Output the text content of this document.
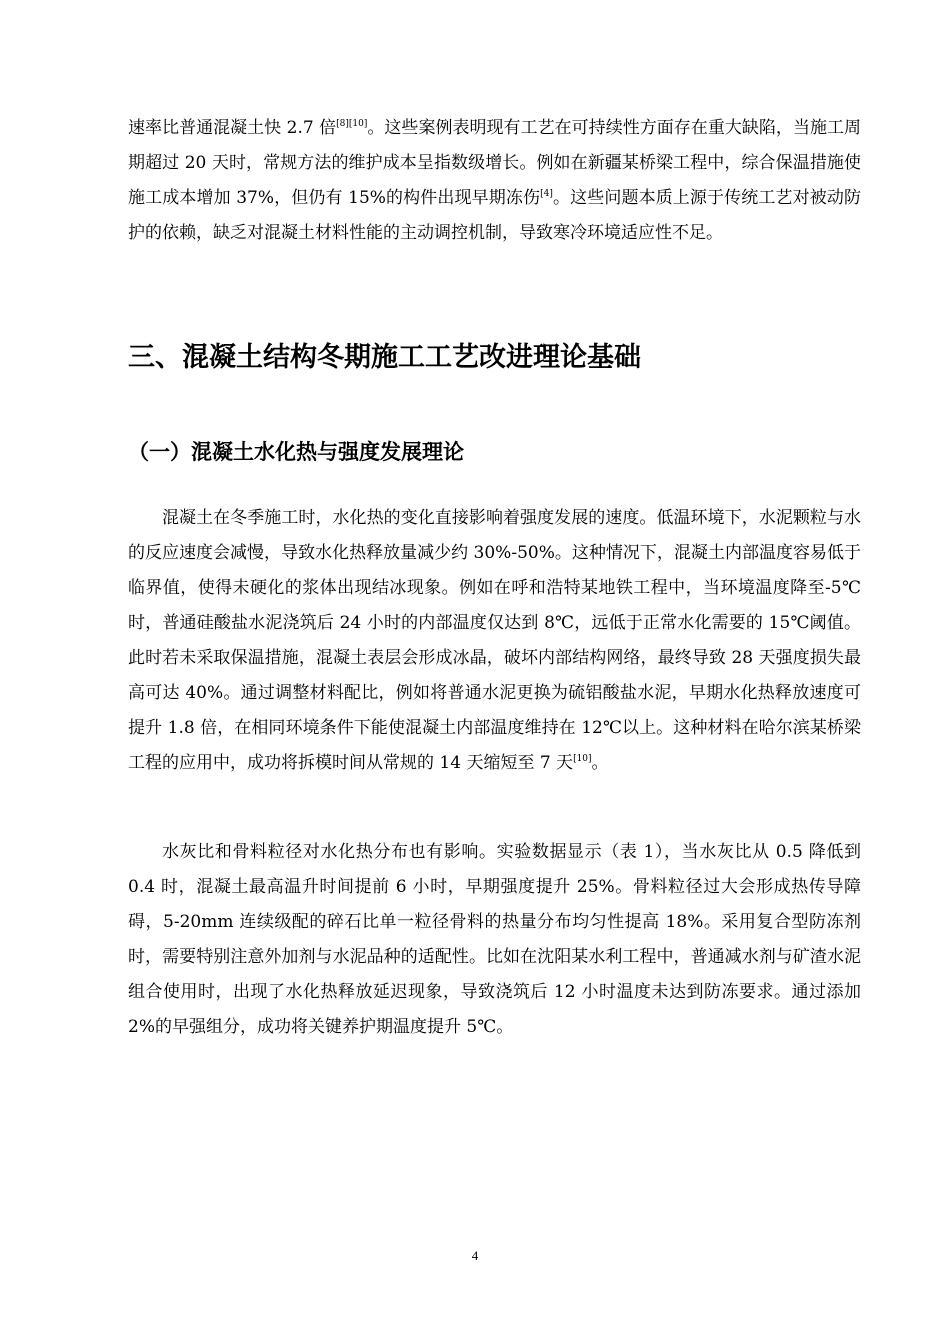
速率比普通混凝土快 2.7 倍[8][10]。这些案例表明现有工艺在可持续性方面存在重大缺陷，当施工周期超过 20 天时，常规方法的维护成本呈指数级增长。例如在新疆某桥梁工程中，综合保温措施使施工成本增加 37%，但仍有 15%的构件出现早期冻伤[4]。这些问题本质上源于传统工艺对被动防护的依赖，缺乏对混凝土材料性能的主动调控机制，导致寒冷环境适应性不足。

三、混凝土结构冬期施工工艺改进理论基础
（一）混凝土水化热与强度发展理论

混凝土在冬季施工时，水化热的变化直接影响着强度发展的速度。低温环境下，水泥颗粒与水的反应速度会减慢，导致水化热释放量减少约 30%-50%。这种情况下，混凝土内部温度容易低于临界值，使得未硬化的浆体出现结冰现象。例如在呼和浩特某地铁工程中，当环境温度降至-5℃时，普通硅酸盐水泥浇筑后 24 小时的内部温度仅达到 8℃，远低于正常水化需要的 15℃阈值。此时若未采取保温措施，混凝土表层会形成冰晶，破坏内部结构网络，最终导致 28 天强度损失最高可达 40%。通过调整材料配比，例如将普通水泥更换为硫铝酸盐水泥，早期水化热释放速度可提升 1.8 倍，在相同环境条件下能使混凝土内部温度维持在 12℃以上。这种材料在哈尔滨某桥梁工程的应用中，成功将拆模时间从常规的 14 天缩短至 7 天[10]。

水灰比和骨料粒径对水化热分布也有影响。实验数据显示（表 1），当水灰比从 0.5 降低到 0.4 时，混凝土最高温升时间提前 6 小时，早期强度提升 25%。骨料粒径过大会形成热传导障碍，5-20mm 连续级配的碎石比单一粒径骨料的热量分布均匀性提高 18%。采用复合型防冻剂时，需要特别注意外加剂与水泥品种的适配性。比如在沈阳某水利工程中，普通减水剂与矿渣水泥组合使用时，出现了水化热释放延迟现象，导致浇筑后 12 小时温度未达到防冻要求。通过添加 2%的早强组分，成功将关键养护期温度提升 5℃。

4
